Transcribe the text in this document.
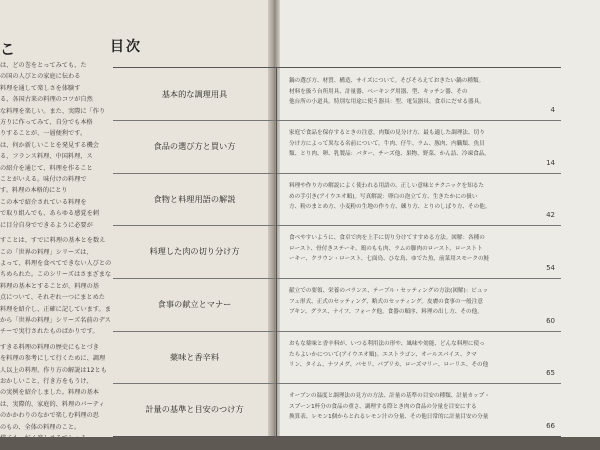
こ
は、どの巻をとってみても、た
の国の人びとの家庭に伝わる
料理を通して楽しさを体験す
る、各国古来の料理のコツが自然
な料理を楽しい。また、実際に「作り
方りに作ってみて、自分でも本格
りすることが、一層便利です。
は、何か新しいことを発見する機会
る、フランス料理、中国料理、ス
の紹介を通じて、料理を作ること
ことがいえる。味付けの料理で
す。料理の本格的にとり
この本で紹介されている料理を
で取り組んでも、あらゆる感覚を刺
に目分自身でできるように必要が
すことは、すでに料理の基本とを数え
この「世界の料理」シリーズは、
よって、料理を食べてできない人びとの
ちめられた。このシリーズはさまざまな
料理の基本とすることが、料理の基
点について、それぞれ一つにまとめた
料理を紹介し、正確に記しています。ま
から「世界の料理」シリーズ名前のデス
チーで実行されたものばかりです。
すきる料理の料理の歴史にもとづき
を料理の参考にして行くために、調理
人以上の料理、作り方の解説は12とも
おかしいこと、行き方をもうけ、
の実例を紹介しました。料理の基本
は、実際的、家庭的、料理のパーティ
のかかわりのなかで楽しむ料理の思
のもの、全体の料理のこと。
目次
基本的な調理用具
鍋の選び方、材質、構造、サイズについて。そびそろえておきたい鍋の種類。
材料を扱う台所用具、計量器、ベーキング用器、型、キッチン器、その
他台所の小道具。特別な用途に使う器具：型、電気器具、食卓にだせる器具。
4
食品の選び方と買い方
家庭で食品を保存するときの注意。肉類の見分け方、最も適した調理法、切り
分け方によって異なる名前について。牛肉、仔牛、ラム、豚肉、内臓類、魚貝
類、とり肉、卵、乳製品：バター、チーズ他、果物、野菜、かん詰、冷凍食品。
14
食物と料理用語の解説
料理や作り方の解説によく使われる用語の、正しい意味とテクニックを知るた
めの手引き(アイウエオ順)。写真解説：卵白の泡立て方、生きたかにの扱い
方、粉のまとめ方、小麦粉の生地の作り方、練り方、とりのしばり方、その他。
42
料理した肉の切り分け方
食べやすいように、食卓で肉を上手に切り分けてすすめる方法。図解：各種の
ロースト、骨付きステーキ、鶏のもも肉、ラムの脚肉のロースト、ローストト
ーキー、クラウン・ロースト、七面鳥、ひな鳥、ゆでた魚、前菜用スモークの鮭
54
食事の献立とマナー
献立での要領、栄養のバランス、テーブル・セッティングの方法(図解)：ビュッ
フェ形式、正式のセッティング、略式のセッティング。皮膚の食事の一般注意
ブキン、グラス、ナイフ、フォーク他。食器の順序、料理の出し方、その他。
60
薬味と香辛料
おもな薬味と香辛料が、いつる利用法の形や、風味や効能、どんな料理に使っ
たらよいかについて(アイウエオ順)。エストラゴン、オールスパイス、クマ
リン、タイム、ナツメグ、パセリ、パプリカ、ローズマリー、ローリエ、その他
65
計量の基準と目安のつけ方
オーブンの温度と調理法の見方の方法、計量の基準の目安の種類、計量カップ・
スプーン1杯分の食品の重さ、調理する際とき肉の食品の分量を目安にする
換算表、レモン1個からとれるレモン汁の分量、その他日常的に計量目安の分量
66
